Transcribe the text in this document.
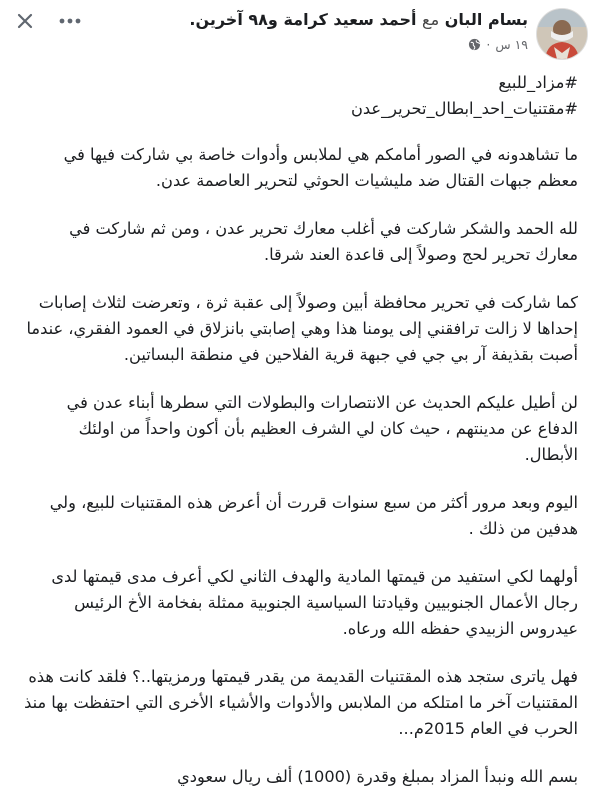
بسام البان مع أحمد سعيد كرامة و٩٨ آخرين.
١٩ س
·
#مزاد_للبيع
#مقتنيات_احد_ابطال_تحرير_عدن

ما تشاهدونه في الصور أمامكم هي لملابس وأدوات خاصة بي شاركت فيها في معظم جبهات القتال ضد مليشيات الحوثي لتحرير العاصمة عدن.

لله الحمد والشكر شاركت في أغلب معارك تحرير عدن ، ومن ثم شاركت في معارك تحرير لحج وصولاً إلى قاعدة العند شرقا.

كما شاركت في تحرير محافظة أبين وصولاً إلى عقبة ثرة ، وتعرضت لثلاث إصابات إحداها لا زالت ترافقني إلى يومنا هذا وهي إصابتي بانزلاق في العمود الفقري، عندما أصبت بقذيفة آر بي جي في جبهة قرية الفلاحين في منطقة البساتين.

لن أطيل عليكم الحديث عن الانتصارات والبطولات التي سطرها أبناء عدن في الدفاع عن مدينتهم ، حيث كان لي الشرف العظيم بأن أكون واحداً من اولئك الأبطال.

اليوم وبعد مرور أكثر من سبع سنوات قررت أن أعرض هذه المقتنيات للبيع، ولي هدفين من ذلك .

أولهما لكي استفيد من قيمتها المادية والهدف الثاني لكي أعرف مدى قيمتها لدى رجال الأعمال الجنوبيين وقيادتنا السياسية الجنوبية ممثلة بفخامة الأخ الرئيس عيدروس الزبيدي حفظه الله ورعاه.

فهل ياترى ستجد هذه المقتنيات القديمة من يقدر قيمتها ورمزيتها..؟ فلقد كانت هذه المقتنيات آخر ما امتلكه من الملابس والأدوات والأشياء الأخرى التي احتفظت بها منذ الحرب في العام 2015م...

بسم الله ونبدأ المزاد بمبلغ وقدرة (1000) ألف ريال سعودي
